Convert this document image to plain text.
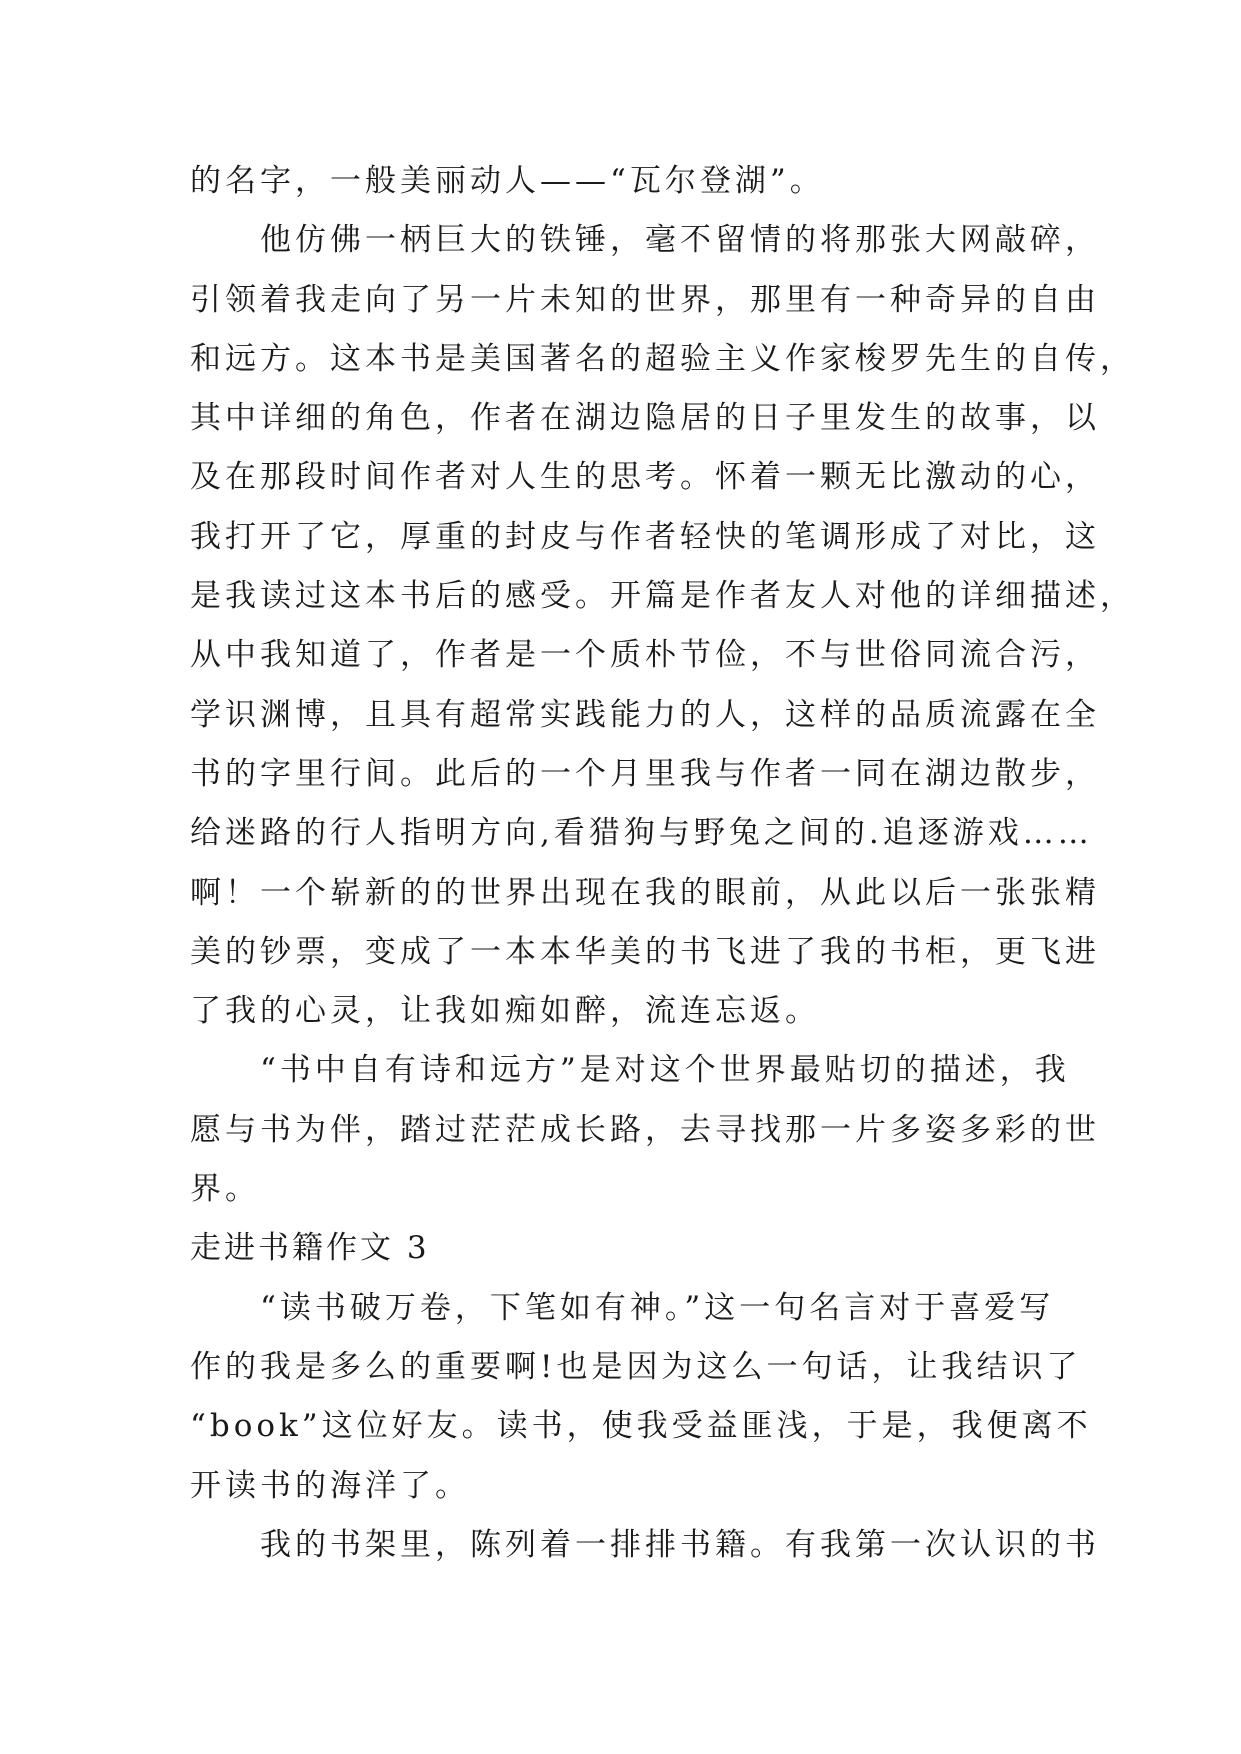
的名字，一般美丽动人——“瓦尔登湖”。
他仿佛一柄巨大的铁锤，毫不留情的将那张大网敲碎，
引领着我走向了另一片未知的世界，那里有一种奇异的自由
和远方。这本书是美国著名的超验主义作家梭罗先生的自传，
其中详细的角色，作者在湖边隐居的日子里发生的故事，以
及在那段时间作者对人生的思考。怀着一颗无比激动的心，
我打开了它，厚重的封皮与作者轻快的笔调形成了对比，这
是我读过这本书后的感受。开篇是作者友人对他的详细描述，
从中我知道了，作者是一个质朴节俭，不与世俗同流合污，
学识渊博，且具有超常实践能力的人，这样的品质流露在全
书的字里行间。此后的一个月里我与作者一同在湖边散步，
给迷路的行人指明方向,看猎狗与野兔之间的.追逐游戏……
啊！一个崭新的的世界出现在我的眼前，从此以后一张张精
美的钞票，变成了一本本华美的书飞进了我的书柜，更飞进
了我的心灵，让我如痴如醉，流连忘返。
“书中自有诗和远方”是对这个世界最贴切的描述，我
愿与书为伴，踏过茫茫成长路，去寻找那一片多姿多彩的世
界。
走进书籍作文 3
“读书破万卷，下笔如有神。”这一句名言对于喜爱写
作的我是多么的重要啊!也是因为这么一句话，让我结识了
“book”这位好友。读书，使我受益匪浅，于是，我便离不
开读书的海洋了。
我的书架里，陈列着一排排书籍。有我第一次认识的书
